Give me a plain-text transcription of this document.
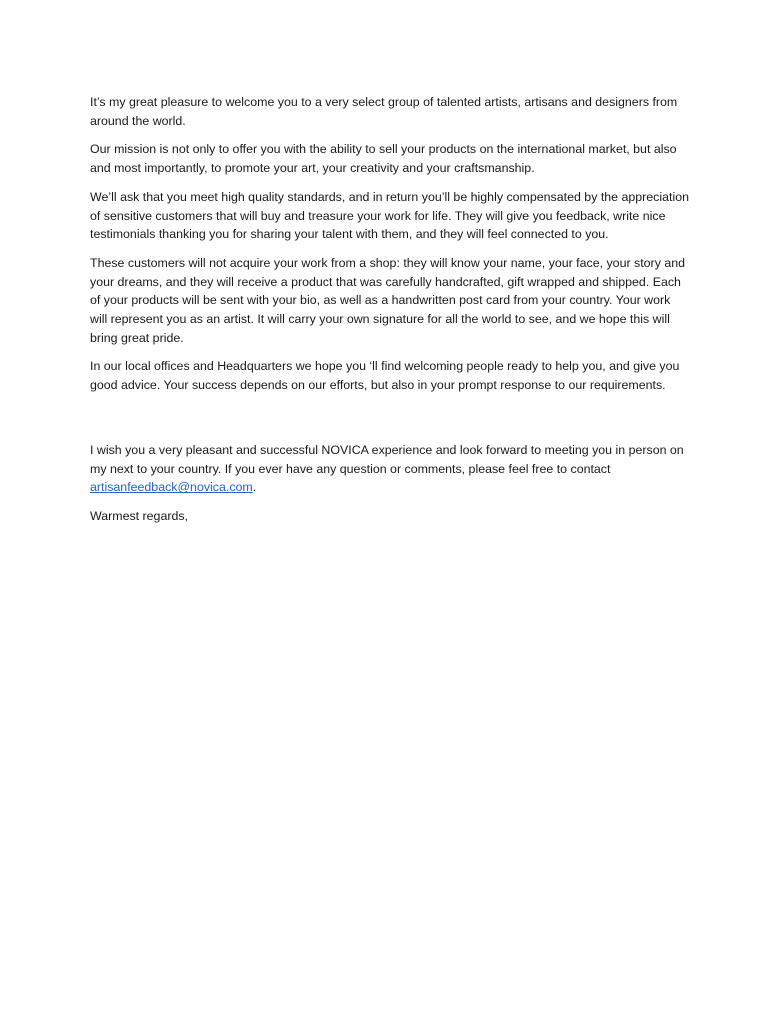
It’s my great pleasure to welcome you to a very select group of talented artists, artisans and designers from around the world.

Our mission is not only to offer you with the ability to sell your products on the international market, but also and most importantly, to promote your art, your creativity and your craftsmanship.

We’ll ask that you meet high quality standards, and in return you’ll be highly compensated by the appreciation of sensitive customers that will buy and treasure your work for life. They will give you feedback, write nice testimonials thanking you for sharing your talent with them, and they will feel connected to you.

These customers will not acquire your work from a shop: they will know your name, your face, your story and your dreams, and they will receive a product that was carefully handcrafted, gift wrapped and shipped. Each of your products will be sent with your bio, as well as a handwritten post card from your country. Your work will represent you as an artist. It will carry your own signature for all the world to see, and we hope this will bring great pride.

In our local offices and Headquarters we hope you ‘ll find welcoming people ready to help you, and give you good advice. Your success depends on our efforts, but also in your prompt response to our requirements.

I wish you a very pleasant and successful NOVICA experience and look forward to meeting you in person on my next to your country. If you ever have any question or comments, please feel free to contact artisanfeedback@novica.com.

Warmest regards,
